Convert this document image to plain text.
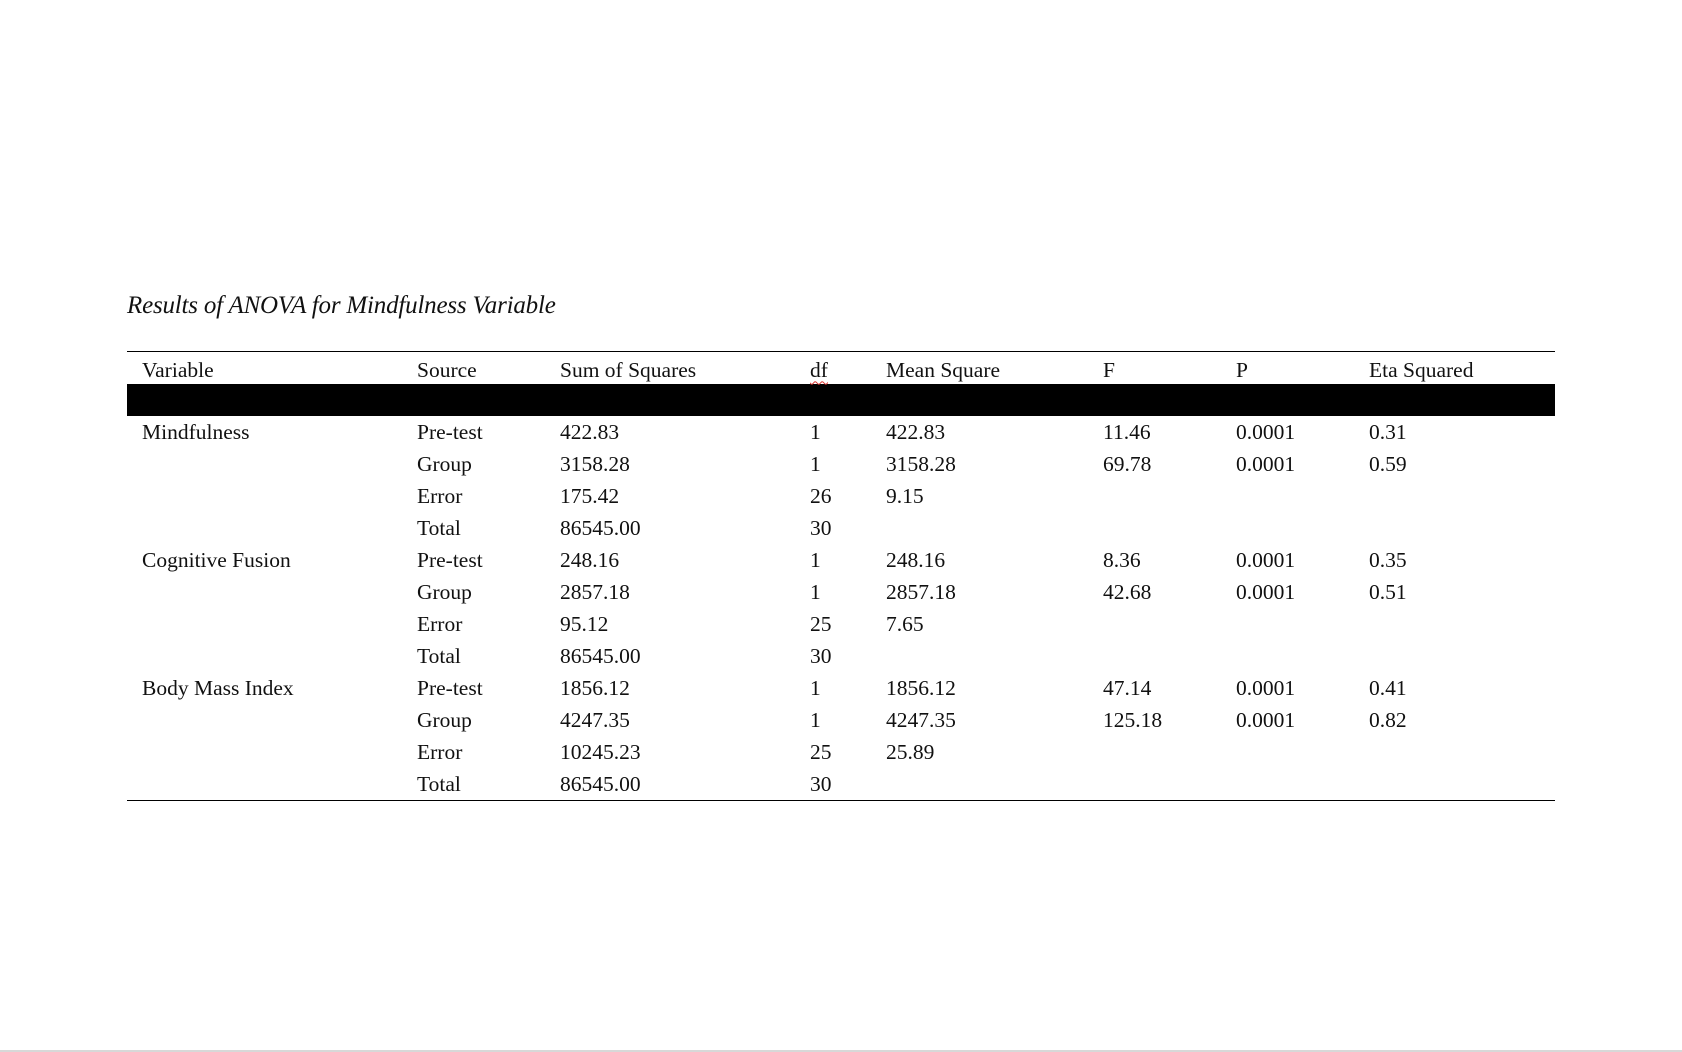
Results of ANOVA for Mindfulness Variable
Variable	Source	Sum of Squares	df	Mean Square	F	P	Eta Squared

Mindfulness	Pre-test	422.83	1	422.83	11.46	0.0001	0.31
	Group	3158.28	1	3158.28	69.78	0.0001	0.59
	Error	175.42	26	9.15			
	Total	86545.00	30				
Cognitive Fusion	Pre-test	248.16	1	248.16	8.36	0.0001	0.35
	Group	2857.18	1	2857.18	42.68	0.0001	0.51
	Error	95.12	25	7.65			
	Total	86545.00	30				
Body Mass Index	Pre-test	1856.12	1	1856.12	47.14	0.0001	0.41
	Group	4247.35	1	4247.35	125.18	0.0001	0.82
	Error	10245.23	25	25.89			
	Total	86545.00	30				
